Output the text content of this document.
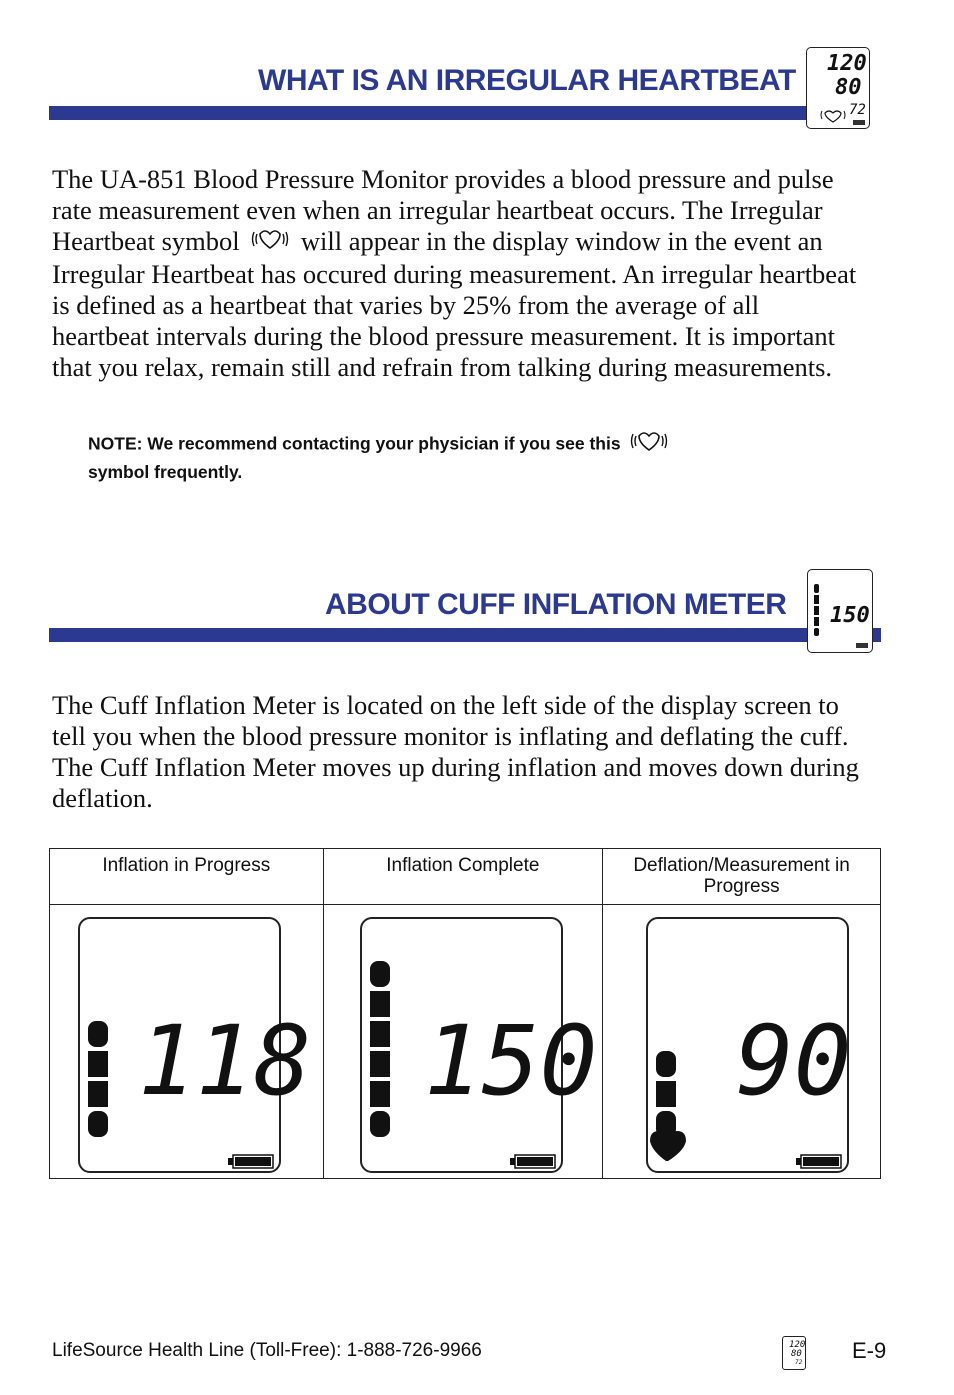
WHAT IS AN IRREGULAR HEARTBEAT
120
80
72
The UA-851 Blood Pressure Monitor provides a blood pressure and pulse rate measurement even when an irregular heartbeat occurs. The Irregular Heartbeat symbol will appear in the display window in the event an Irregular Heartbeat has occured during measurement. An irregular heartbeat is defined as a heartbeat that varies by 25% from the average of all heartbeat intervals during the blood pressure measurement. It is important that you relax, remain still and refrain from talking during measurements.
NOTE: We recommend contacting your physician if you see this
symbol frequently.
ABOUT CUFF INFLATION METER 150
The Cuff Inflation Meter is located on the left side of the display screen to tell you when the blood pressure monitor is inflating and deflating the cuff. The Cuff Inflation Meter moves up during inflation and moves down during deflation.
Inflation in Progress	Inflation Complete	Deflation/Measurement in Progress

118	150	90
LifeSource Health Line (Toll-Free): 1-888-726-9966	120
80
72 E-9
